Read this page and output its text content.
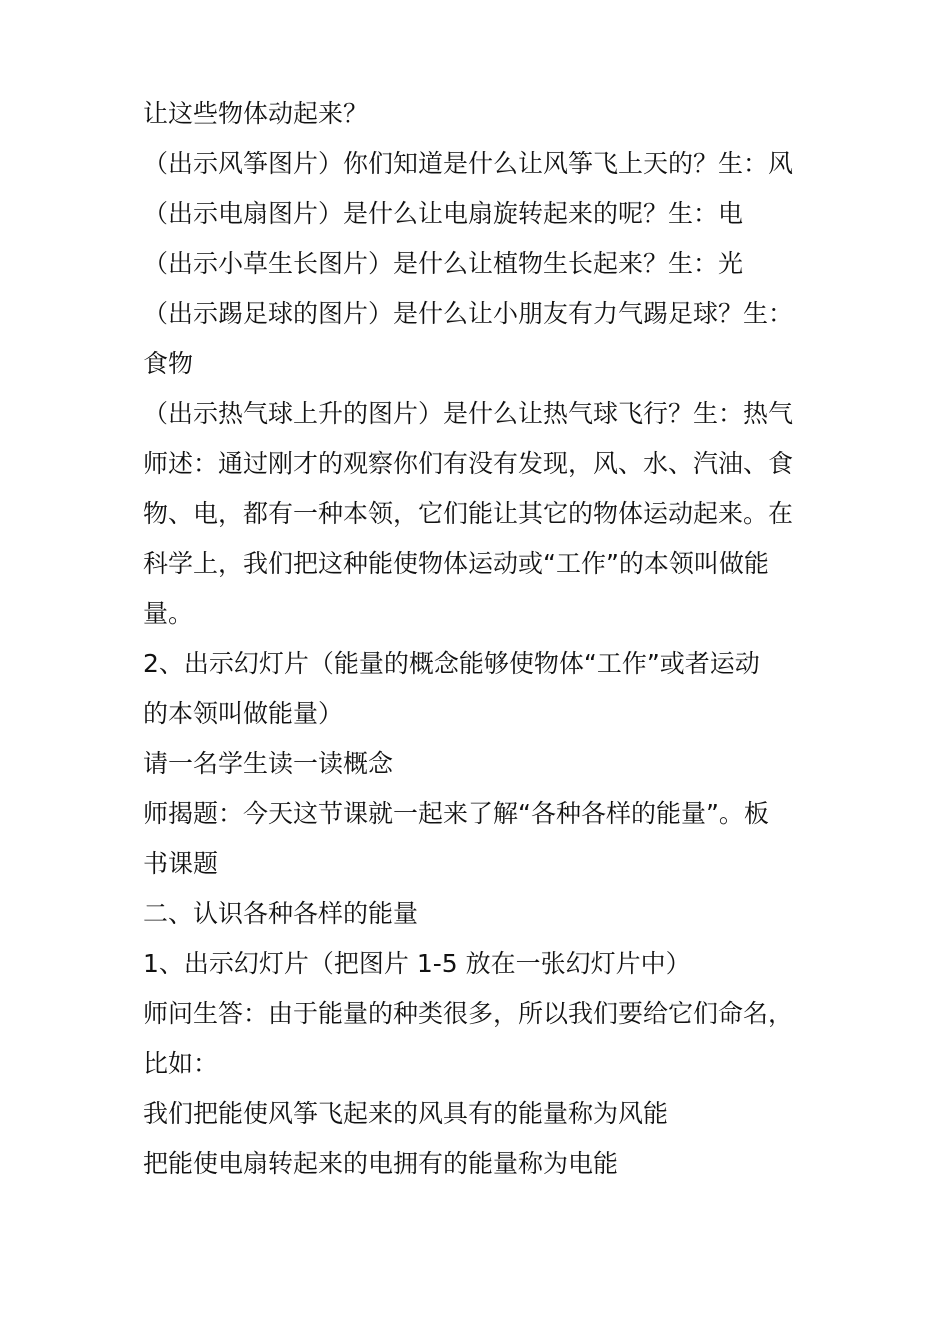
让这些物体动起来？
（出示风筝图片）你们知道是什么让风筝飞上天的？生：风
（出示电扇图片）是什么让电扇旋转起来的呢？生：电
（出示小草生长图片）是什么让植物生长起来？生：光
（出示踢足球的图片）是什么让小朋友有力气踢足球？生：
食物
（出示热气球上升的图片）是什么让热气球飞行？生：热气
师述：通过刚才的观察你们有没有发现，风、水、汽油、食
物、电，都有一种本领，它们能让其它的物体运动起来。在
科学上，我们把这种能使物体运动或“工作”的本领叫做能
量。
2、出示幻灯片（能量的概念能够使物体“工作”或者运动
的本领叫做能量）
请一名学生读一读概念
师揭题：今天这节课就一起来了解“各种各样的能量”。板
书课题
二、认识各种各样的能量
1、出示幻灯片（把图片 1-5 放在一张幻灯片中）
师问生答：由于能量的种类很多，所以我们要给它们命名，
比如：
我们把能使风筝飞起来的风具有的能量称为风能
把能使电扇转起来的电拥有的能量称为电能
